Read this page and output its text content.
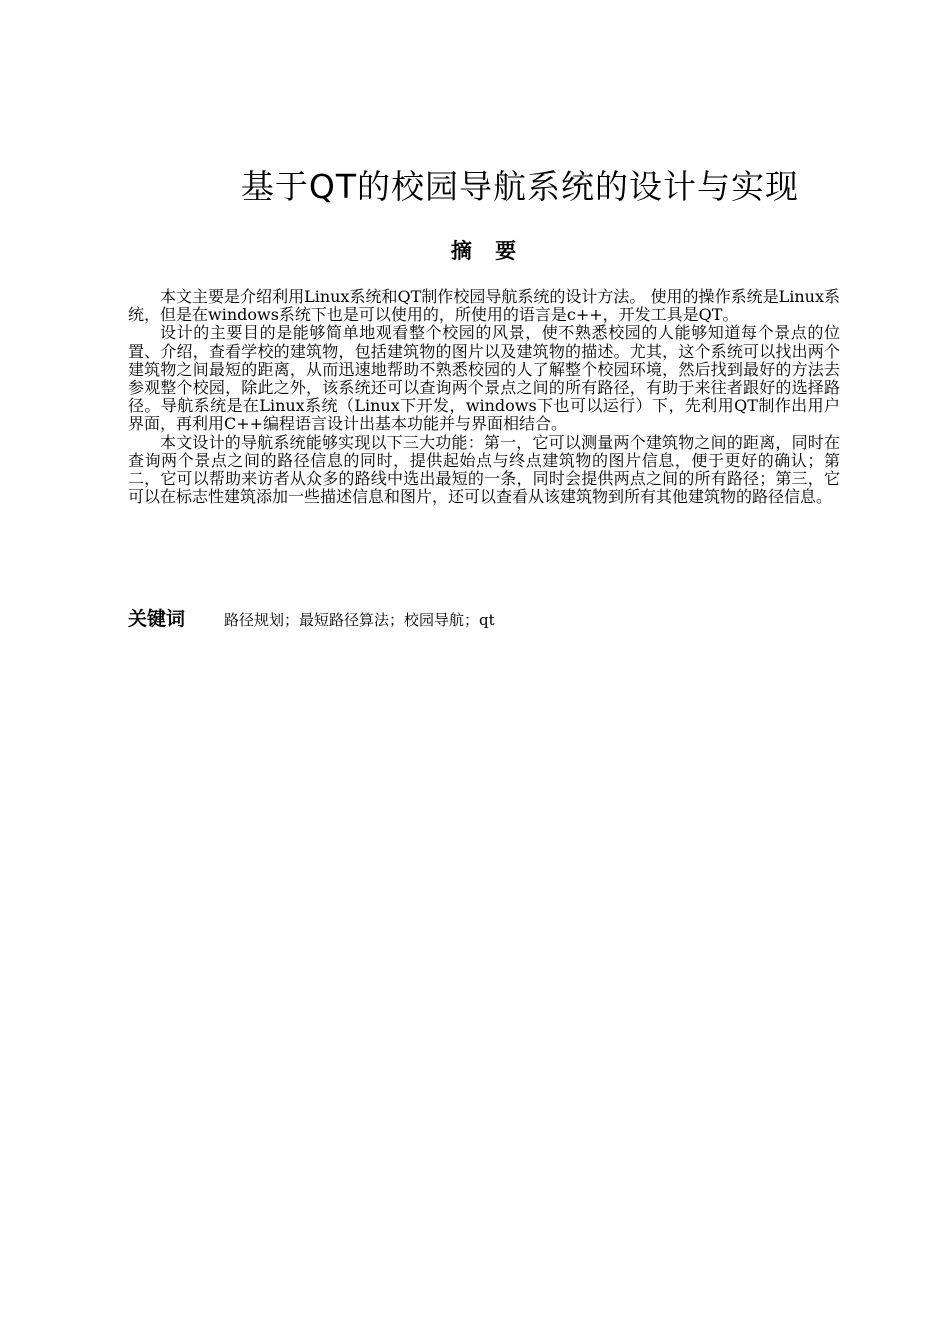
基于QT的校园导航系统的设计与实现
摘 要

本文主要是介绍利用Linux系统和QT制作校园导航系统的设计方法。 使用的操作系统是Linux系统，但是在windows系统下也是可以使用的，所使用的语言是c++，开发工具是QT。

设计的主要目的是能够简单地观看整个校园的风景，使不熟悉校园的人能够知道每个景点的位置、介绍，查看学校的建筑物，包括建筑物的图片以及建筑物的描述。尤其，这个系统可以找出两个建筑物之间最短的距离，从而迅速地帮助不熟悉校园的人了解整个校园环境，然后找到最好的方法去参观整个校园，除此之外，该系统还可以查询两个景点之间的所有路径，有助于来往者跟好的选择路径。导航系统是在Linux系统（Linux下开发，windows下也可以运行）下，先利用QT制作出用户界面，再利用C++编程语言设计出基本功能并与界面相结合。

本文设计的导航系统能够实现以下三大功能：第一，它可以测量两个建筑物之间的距离，同时在查询两个景点之间的路径信息的同时，提供起始点与终点建筑物的图片信息，便于更好的确认；第二，它可以帮助来访者从众多的路线中选出最短的一条，同时会提供两点之间的所有路径；第三，它可以在标志性建筑添加一些描述信息和图片，还可以查看从该建筑物到所有其他建筑物的路径信息。

关键词	路径规划；最短路径算法；校园导航；qt
